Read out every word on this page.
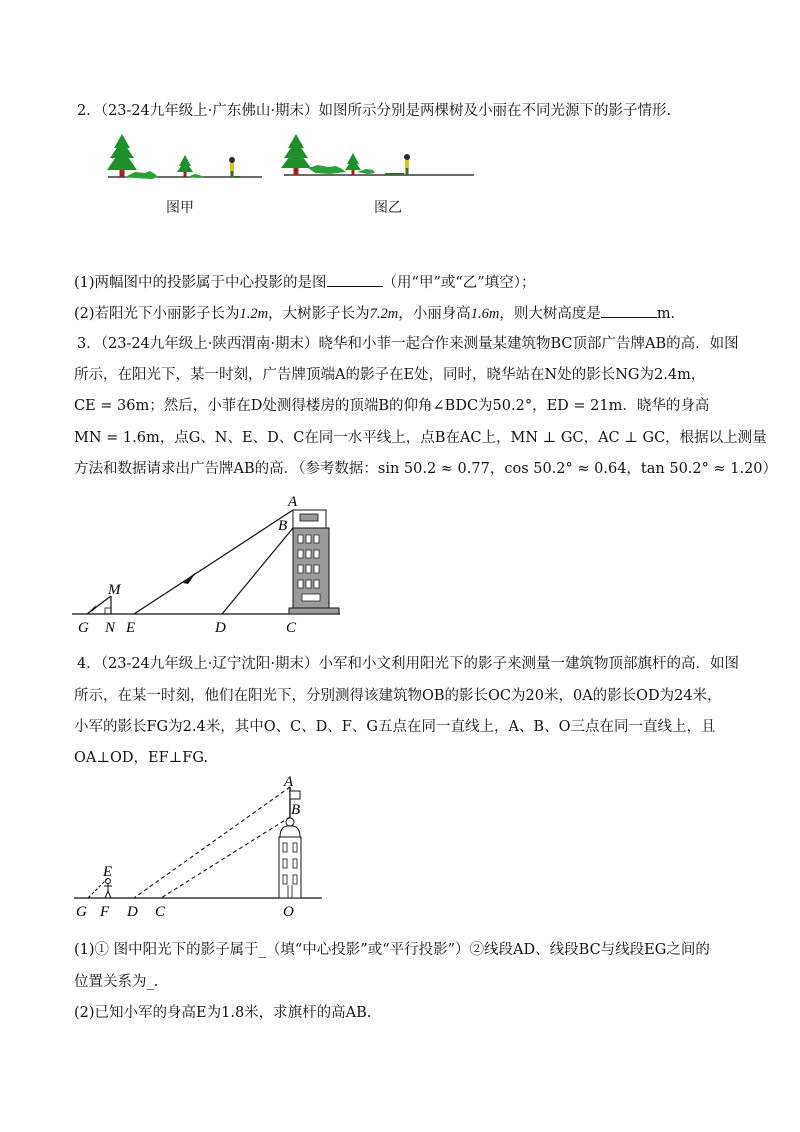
2．（23-24九年级上·广东佛山·期末）如图所示分别是两棵树及小丽在不同光源下的影子情形.
图甲	图乙
(1)两幅图中的投影属于中心投影的是图	（用“甲”或“乙”填空）；
(2)若阳光下小丽影子长为1.2m，大树影子长为7.2m，小丽身高1.6m，则大树高度是	m．
3．（23-24九年级上·陕西渭南·期末）晓华和小菲一起合作来测量某建筑物BC顶部广告牌AB的高．如图
所示，在阳光下，某一时刻，广告牌顶端A的影子在E处，同时，晓华站在N处的影长NG为2.4m，
CE = 36m；然后，小菲在D处测得楼房的顶端B的仰角∠BDC为50.2°，ED = 21m．晓华的身高
MN = 1.6m，点G、N、E、D、C在同一水平线上，点B在AC上，MN ⊥ GC，AC ⊥ GC，根据以上测量
方法和数据请求出广告牌AB的高．（参考数据：sin 50.2 ≈ 0.77，cos 50.2° ≈ 0.64，tan 50.2° ≈ 1.20）
A
B
M
G N E	D	C
4．（23-24九年级上·辽宁沈阳·期末）小军和小文利用阳光下的影子来测量一建筑物顶部旗杆的高．如图
所示，在某一时刻，他们在阳光下，分别测得该建筑物OB的影长OC为20米，0A的影长OD为24米，
小军的影长FG为2.4米，其中O、C、D、F、G五点在同一直线上，A、B、O三点在同一直线上，且
OA⊥OD，EF⊥FG.
A
B
E
G F D C	O
(1)① 图中阳光下的影子属于_（填“中心投影”或“平行投影”）②线段AD、线段BC与线段EG之间的
位置关系为_.
(2)已知小军的身高E为1.8米，求旗杆的高AB.
